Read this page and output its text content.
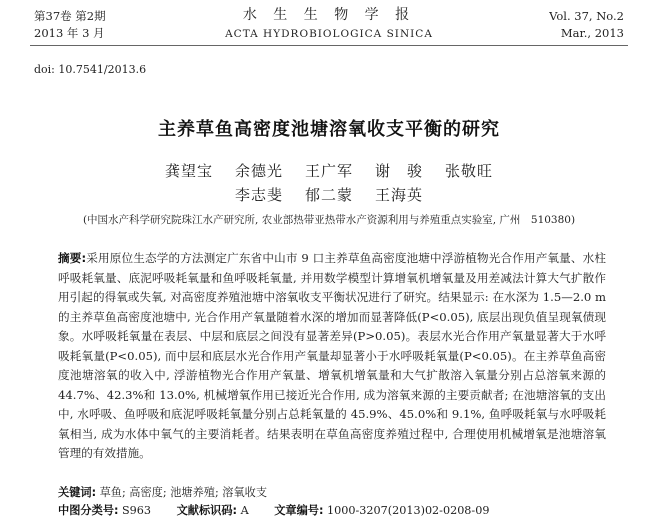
第37卷 第2期
2013 年 3 月
水 生 生 物 学 报
ACTA HYDROBIOLOGICA SINICA
Vol. 37, No.2
Mar., 2013
doi: 10.7541/2013.6
主养草鱼高密度池塘溶氧收支平衡的研究
龚望宝 余德光 王广军 谢　骏 张敬旺
李志斐 郁二蒙 王海英
(中国水产科学研究院珠江水产研究所, 农业部热带亚热带水产资源利用与养殖重点实验室, 广州　510380)
摘要:采用原位生态学的方法测定广东省中山市 9 口主养草鱼高密度池塘中浮游植物光合作用产氧量、水柱呼吸耗氧量、底泥呼吸耗氧量和鱼呼吸耗氧量, 并用数学模型计算增氧机增氧量及用差减法计算大气扩散作用引起的得氧或失氧, 对高密度养殖池塘中溶氧收支平衡状况进行了研究。结果显示: 在水深为 1.5—2.0 m 的主养草鱼高密度池塘中, 光合作用产氧量随着水深的增加而显著降低(P<0.05), 底层出现负值呈现氧债现象。水呼吸耗氧量在表层、中层和底层之间没有显著差异(P>0.05)。表层水光合作用产氧量显著大于水呼吸耗氧量(P<0.05), 而中层和底层水光合作用产氧量却显著小于水呼吸耗氧量(P<0.05)。在主养草鱼高密度池塘溶氧的收入中, 浮游植物光合作用产氧量、增氧机增氧量和大气扩散溶入氧量分别占总溶氧来源的 44.7%、42.3%和 13.0%, 机械增氧作用已接近光合作用, 成为溶氧来源的主要贡献者; 在池塘溶氧的支出中, 水呼吸、鱼呼吸和底泥呼吸耗氧量分别占总耗氧量的 45.9%、45.0%和 9.1%, 鱼呼吸耗氧与水呼吸耗氧相当, 成为水体中氧气的主要消耗者。结果表明在草鱼高密度养殖过程中, 合理使用机械增氧是池塘溶氧管理的有效措施。
关键词: 草鱼; 高密度; 池塘养殖; 溶氧收支
中图分类号: S963 文献标识码: A 文章编号: 1000-3207(2013)02-0208-09
